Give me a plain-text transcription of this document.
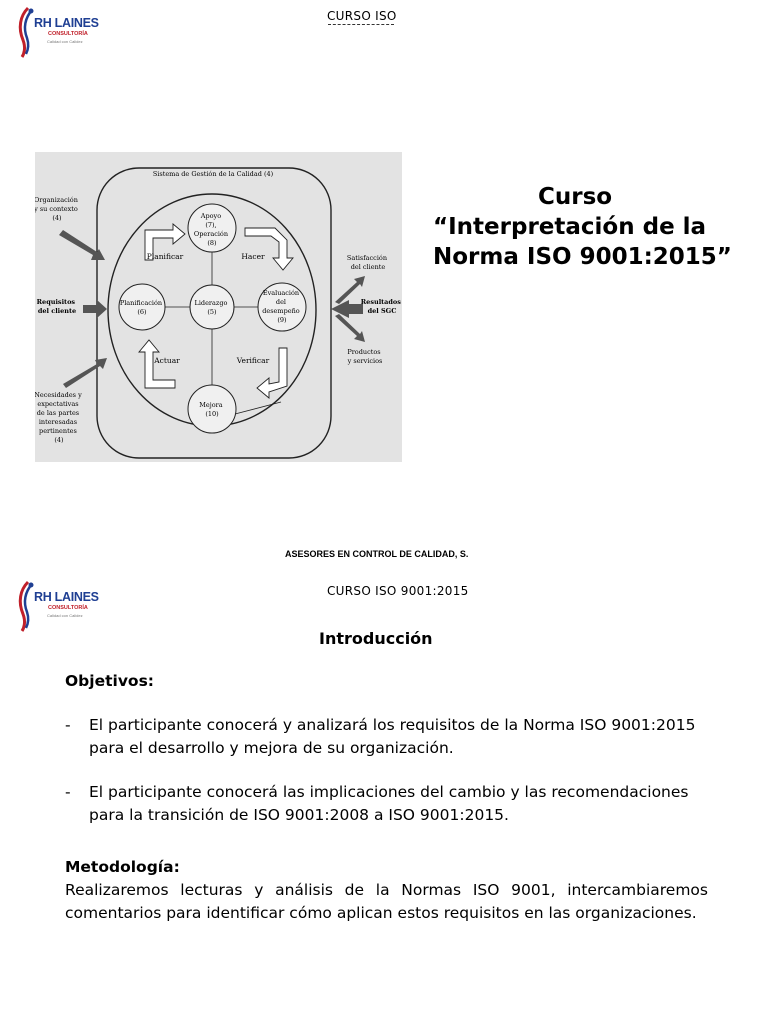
RH LAINES
CONSULTORÍA
Calidad con Calidez
CURSO ISO
Sistema de Gestión de la Calidad (4)
Organización y su contexto (4)
Requisitos del cliente
Necesidades y expectativas de las partes interesadas pertinentes (4)
Satisfacción del cliente
Resultados del SGC
Productos y servicios
Apoyo (7), Operación (8)
Planificación (6)
Liderazgo (5)
Evaluación del desempeño (9)
Mejora (10)
Planificar	Hacer
Actuar	Verificar
Curso
“Interpretación de la
Norma ISO 9001:2015”
ASESORES EN CONTROL DE CALIDAD, S.
RH LAINES
CONSULTORÍA
Calidad con Calidez
CURSO ISO 9001:2015
Introducción
Objetivos:
- El participante conocerá y analizará los requisitos de la Norma ISO 9001:2015 para el desarrollo y mejora de su organización.
- El participante conocerá las implicaciones del cambio y las recomendaciones para la transición de ISO 9001:2008 a ISO 9001:2015.
Metodología:
Realizaremos lecturas y análisis de la Normas ISO 9001, intercambiaremos comentarios para identificar cómo aplican estos requisitos en las organizaciones.
